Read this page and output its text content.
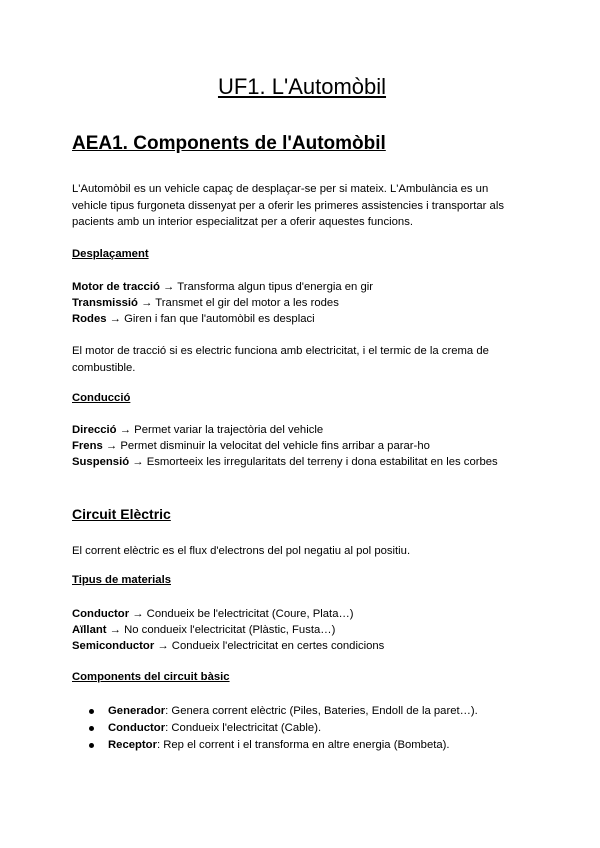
UF1. L'Automòbil
AEA1. Components de l'Automòbil

L'Automòbil es un vehicle capaç de desplaçar-se per si mateix. L'Ambulància es un vehicle tipus furgoneta dissenyat per a oferir les primeres assistencies i transportar als pacients amb un interior especialitzat per a oferir aquestes funcions.

Desplaçament

Motor de tracció → Transforma algun tipus d'energia en gir

Transmissió → Transmet el gir del motor a les rodes

Rodes → Giren i fan que l'automòbil es desplaci

El motor de tracció si es electric funciona amb electricitat, i el termic de la crema de combustible.

Conducció

Direcció → Permet variar la trajectòria del vehicle

Frens → Permet disminuir la velocitat del vehicle fins arribar a parar-ho

Suspensió → Esmorteeix les irregularitats del terreny i dona estabilitat en les corbes

Circuit Elèctric

El corrent elèctric es el flux d'electrons del pol negatiu al pol positiu.

Tipus de materials

Conductor → Condueix be l'electricitat (Coure, Plata…)

Aïllant → No condueix l'electricitat (Plàstic, Fusta…)

Semiconductor → Condueix l'electricitat en certes condicions

Components del circuit bàsic

Generador: Genera corrent elèctric (Piles, Bateries, Endoll de la paret…).
Conductor: Condueix l'electricitat (Cable).
Receptor: Rep el corrent i el transforma en altre energia (Bombeta).
